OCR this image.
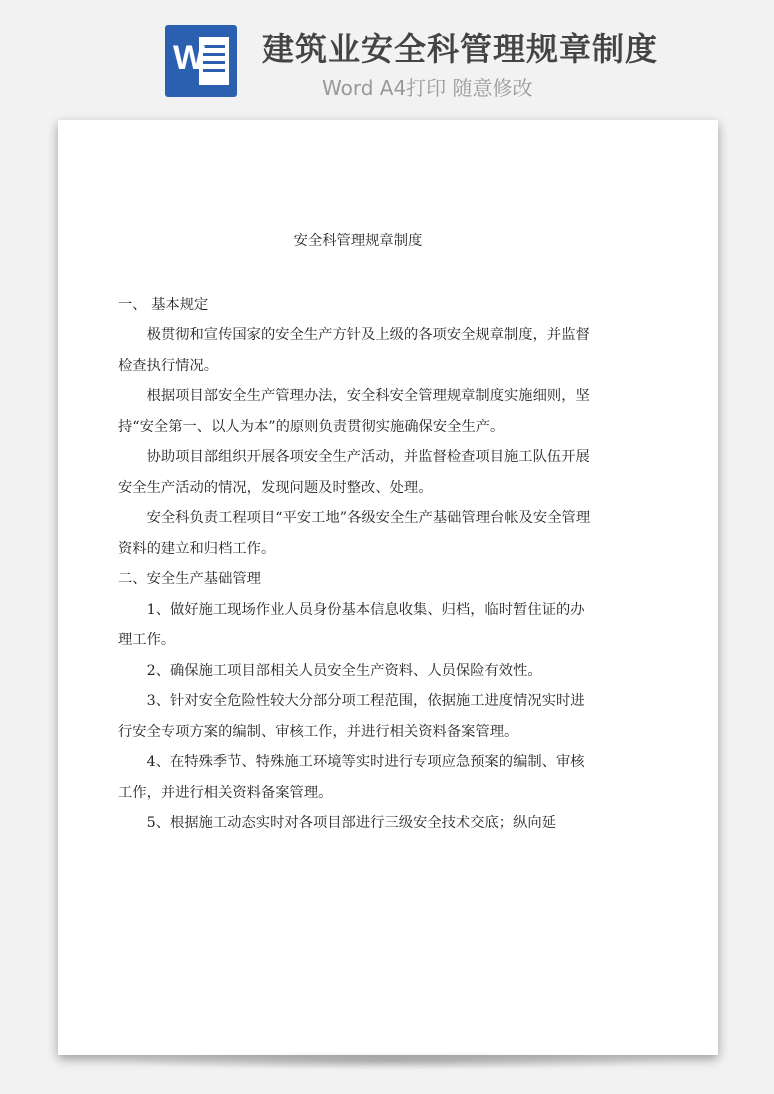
W 建筑业安全科管理规章制度
Word A4打印 随意修改
安全科管理规章制度

一、 基本规定

极贯彻和宣传国家的安全生产方针及上级的各项安全规章制度，并监督检查执行情况。

根据项目部安全生产管理办法，安全科安全管理规章制度实施细则，坚持“安全第一、以人为本”的原则负责贯彻实施确保安全生产。

协助项目部组织开展各项安全生产活动，并监督检查项目施工队伍开展安全生产活动的情况，发现问题及时整改、处理。

安全科负责工程项目“平安工地”各级安全生产基础管理台帐及安全管理资料的建立和归档工作。

二、安全生产基础管理

1、做好施工现场作业人员身份基本信息收集、归档，临时暂住证的办理工作。

2、确保施工项目部相关人员安全生产资料、人员保险有效性。

3、针对安全危险性较大分部分项工程范围，依据施工进度情况实时进行安全专项方案的编制、审核工作，并进行相关资料备案管理。

4、在特殊季节、特殊施工环境等实时进行专项应急预案的编制、审核工作，并进行相关资料备案管理。

5、根据施工动态实时对各项目部进行三级安全技术交底；纵向延
